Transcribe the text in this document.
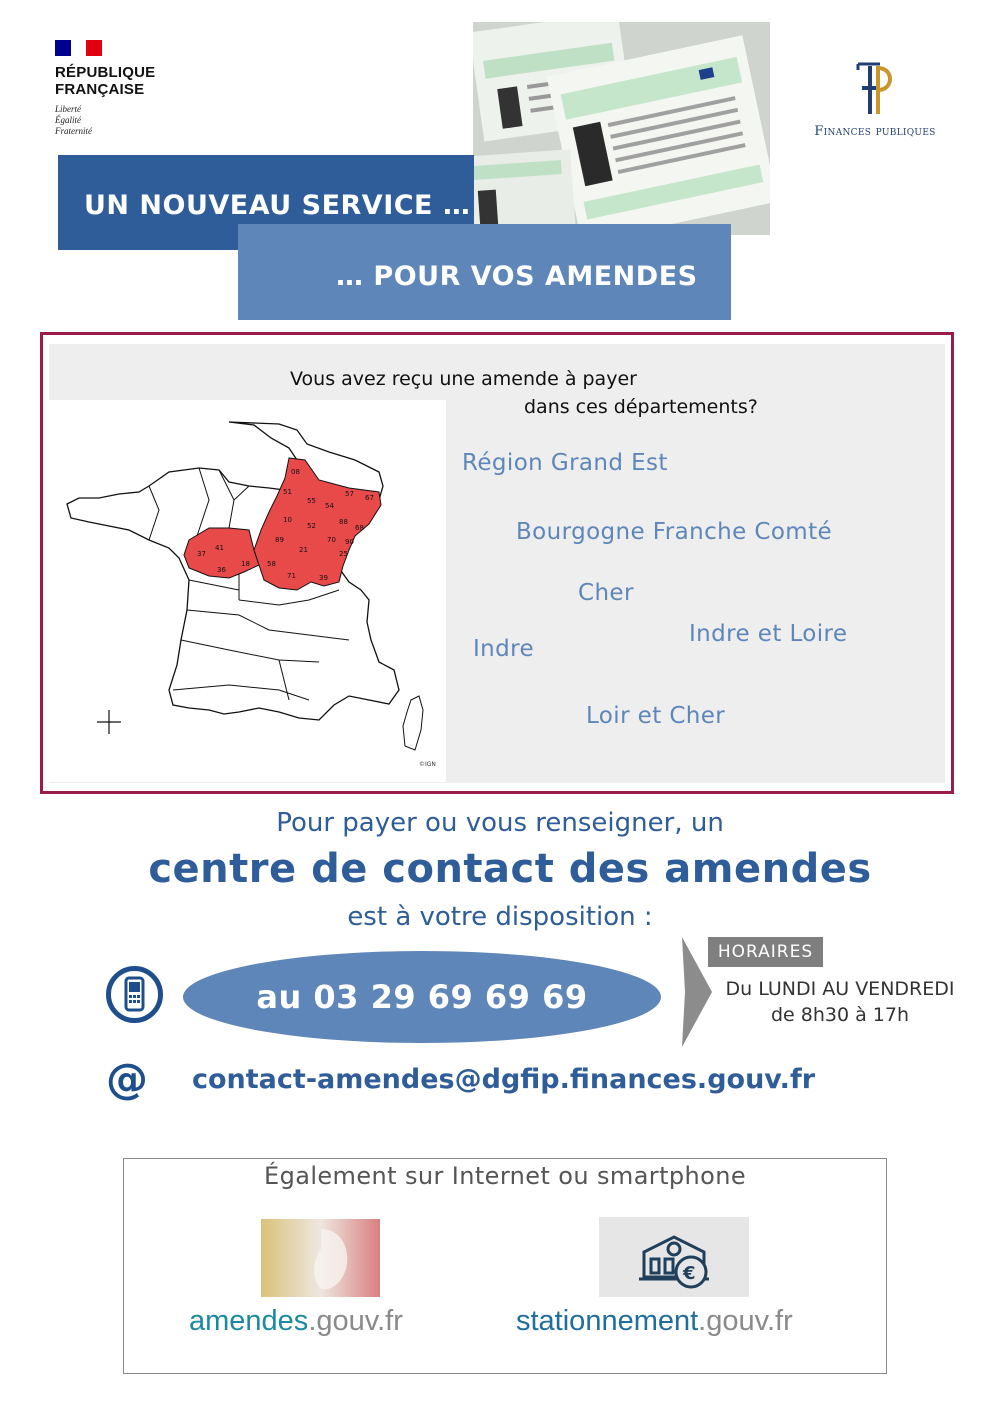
RÉPUBLIQUE
FRANÇAISE
Liberté
Égalité
Fraternité	Finances publiques
UN NOUVEAU SERVICE …
… POUR VOS AMENDES
Vous avez reçu une amende à payer
dans ces départements?
08
51
55
54
57 67
10
52	88
68
89
21
70 90
25
58
71	39
41
37
36
18
©IGN
Région Grand Est
Bourgogne Franche Comté
Cher
Indre
Indre et Loire
Loir et Cher
Pour payer ou vous renseigner, un
centre de contact des amendes
est à votre disposition :
au 03 29 69 69 69
HORAIRES
Du LUNDI AU VENDREDI
de 8h30 à 17h
@ contact-amendes@dgfip.finances.gouv.fr
Également sur Internet ou smartphone
€
amendes.gouv.fr	stationnement.gouv.fr
